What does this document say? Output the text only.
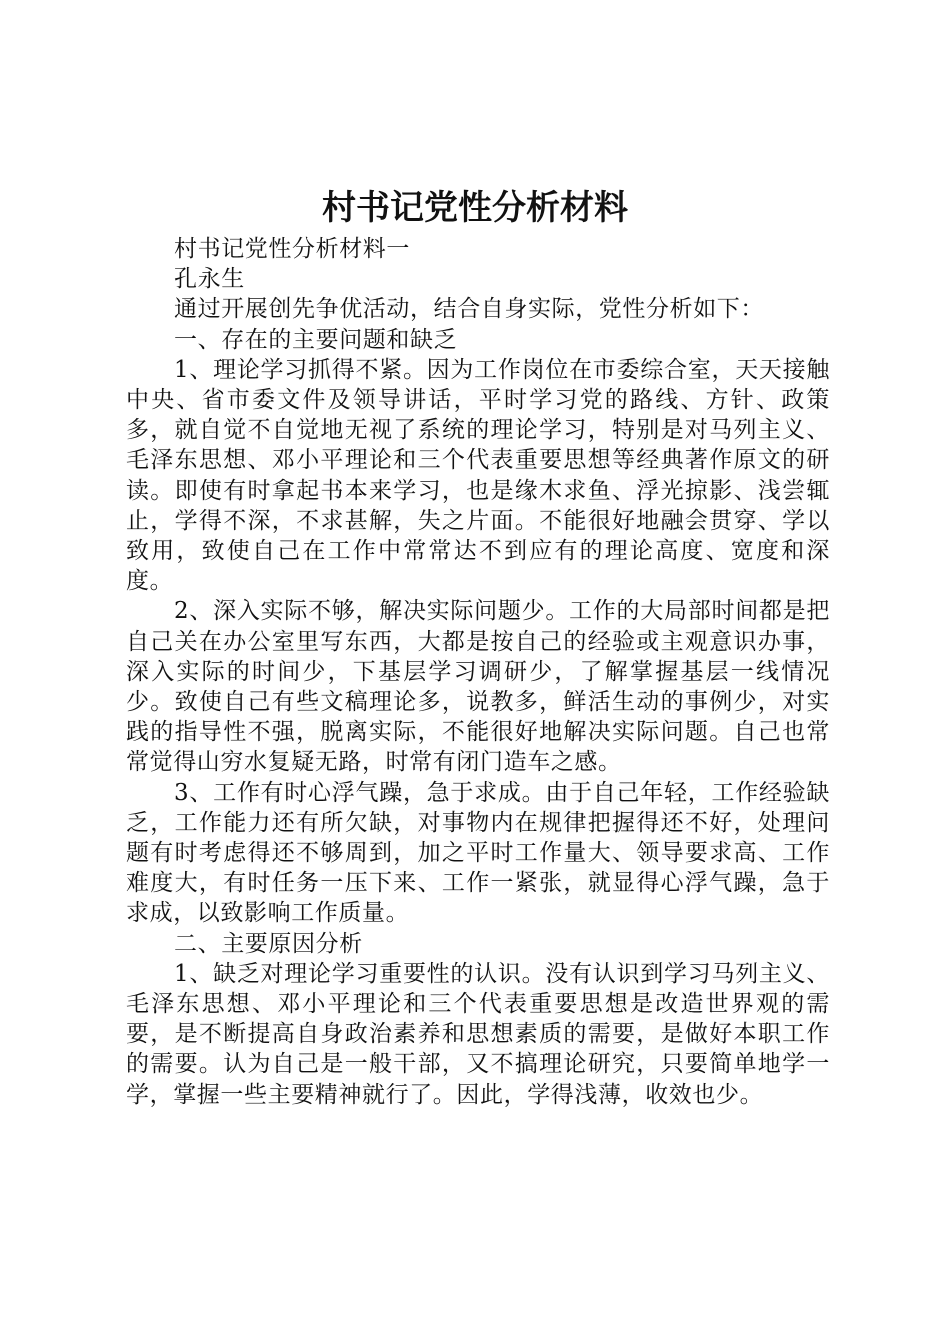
村书记党性分析材料

村书记党性分析材料一

孔永生

通过开展创先争优活动，结合自身实际，党性分析如下：

一、存在的主要问题和缺乏

1、理论学习抓得不紧。因为工作岗位在市委综合室，天天接触中央、省市委文件及领导讲话，平时学习党的路线、方针、政策多，就自觉不自觉地无视了系统的理论学习，特别是对马列主义、毛泽东思想、邓小平理论和三个代表重要思想等经典著作原文的研读。即使有时拿起书本来学习，也是缘木求鱼、浮光掠影、浅尝辄止，学得不深，不求甚解，失之片面。不能很好地融会贯穿、学以致用，致使自己在工作中常常达不到应有的理论高度、宽度和深度。

2、深入实际不够，解决实际问题少。工作的大局部时间都是把自己关在办公室里写东西，大都是按自己的经验或主观意识办事，深入实际的时间少，下基层学习调研少，了解掌握基层一线情况少。致使自己有些文稿理论多，说教多，鲜活生动的事例少，对实践的指导性不强，脱离实际，不能很好地解决实际问题。自己也常常觉得山穷水复疑无路，时常有闭门造车之感。

3、工作有时心浮气躁，急于求成。由于自己年轻，工作经验缺乏，工作能力还有所欠缺，对事物内在规律把握得还不好，处理问题有时考虑得还不够周到，加之平时工作量大、领导要求高、工作难度大，有时任务一压下来、工作一紧张，就显得心浮气躁，急于求成，以致影响工作质量。

二、主要原因分析

1、缺乏对理论学习重要性的认识。没有认识到学习马列主义、毛泽东思想、邓小平理论和三个代表重要思想是改造世界观的需要，是不断提高自身政治素养和思想素质的需要，是做好本职工作的需要。认为自己是一般干部，又不搞理论研究，只要简单地学一学，掌握一些主要精神就行了。因此，学得浅薄，收效也少。
